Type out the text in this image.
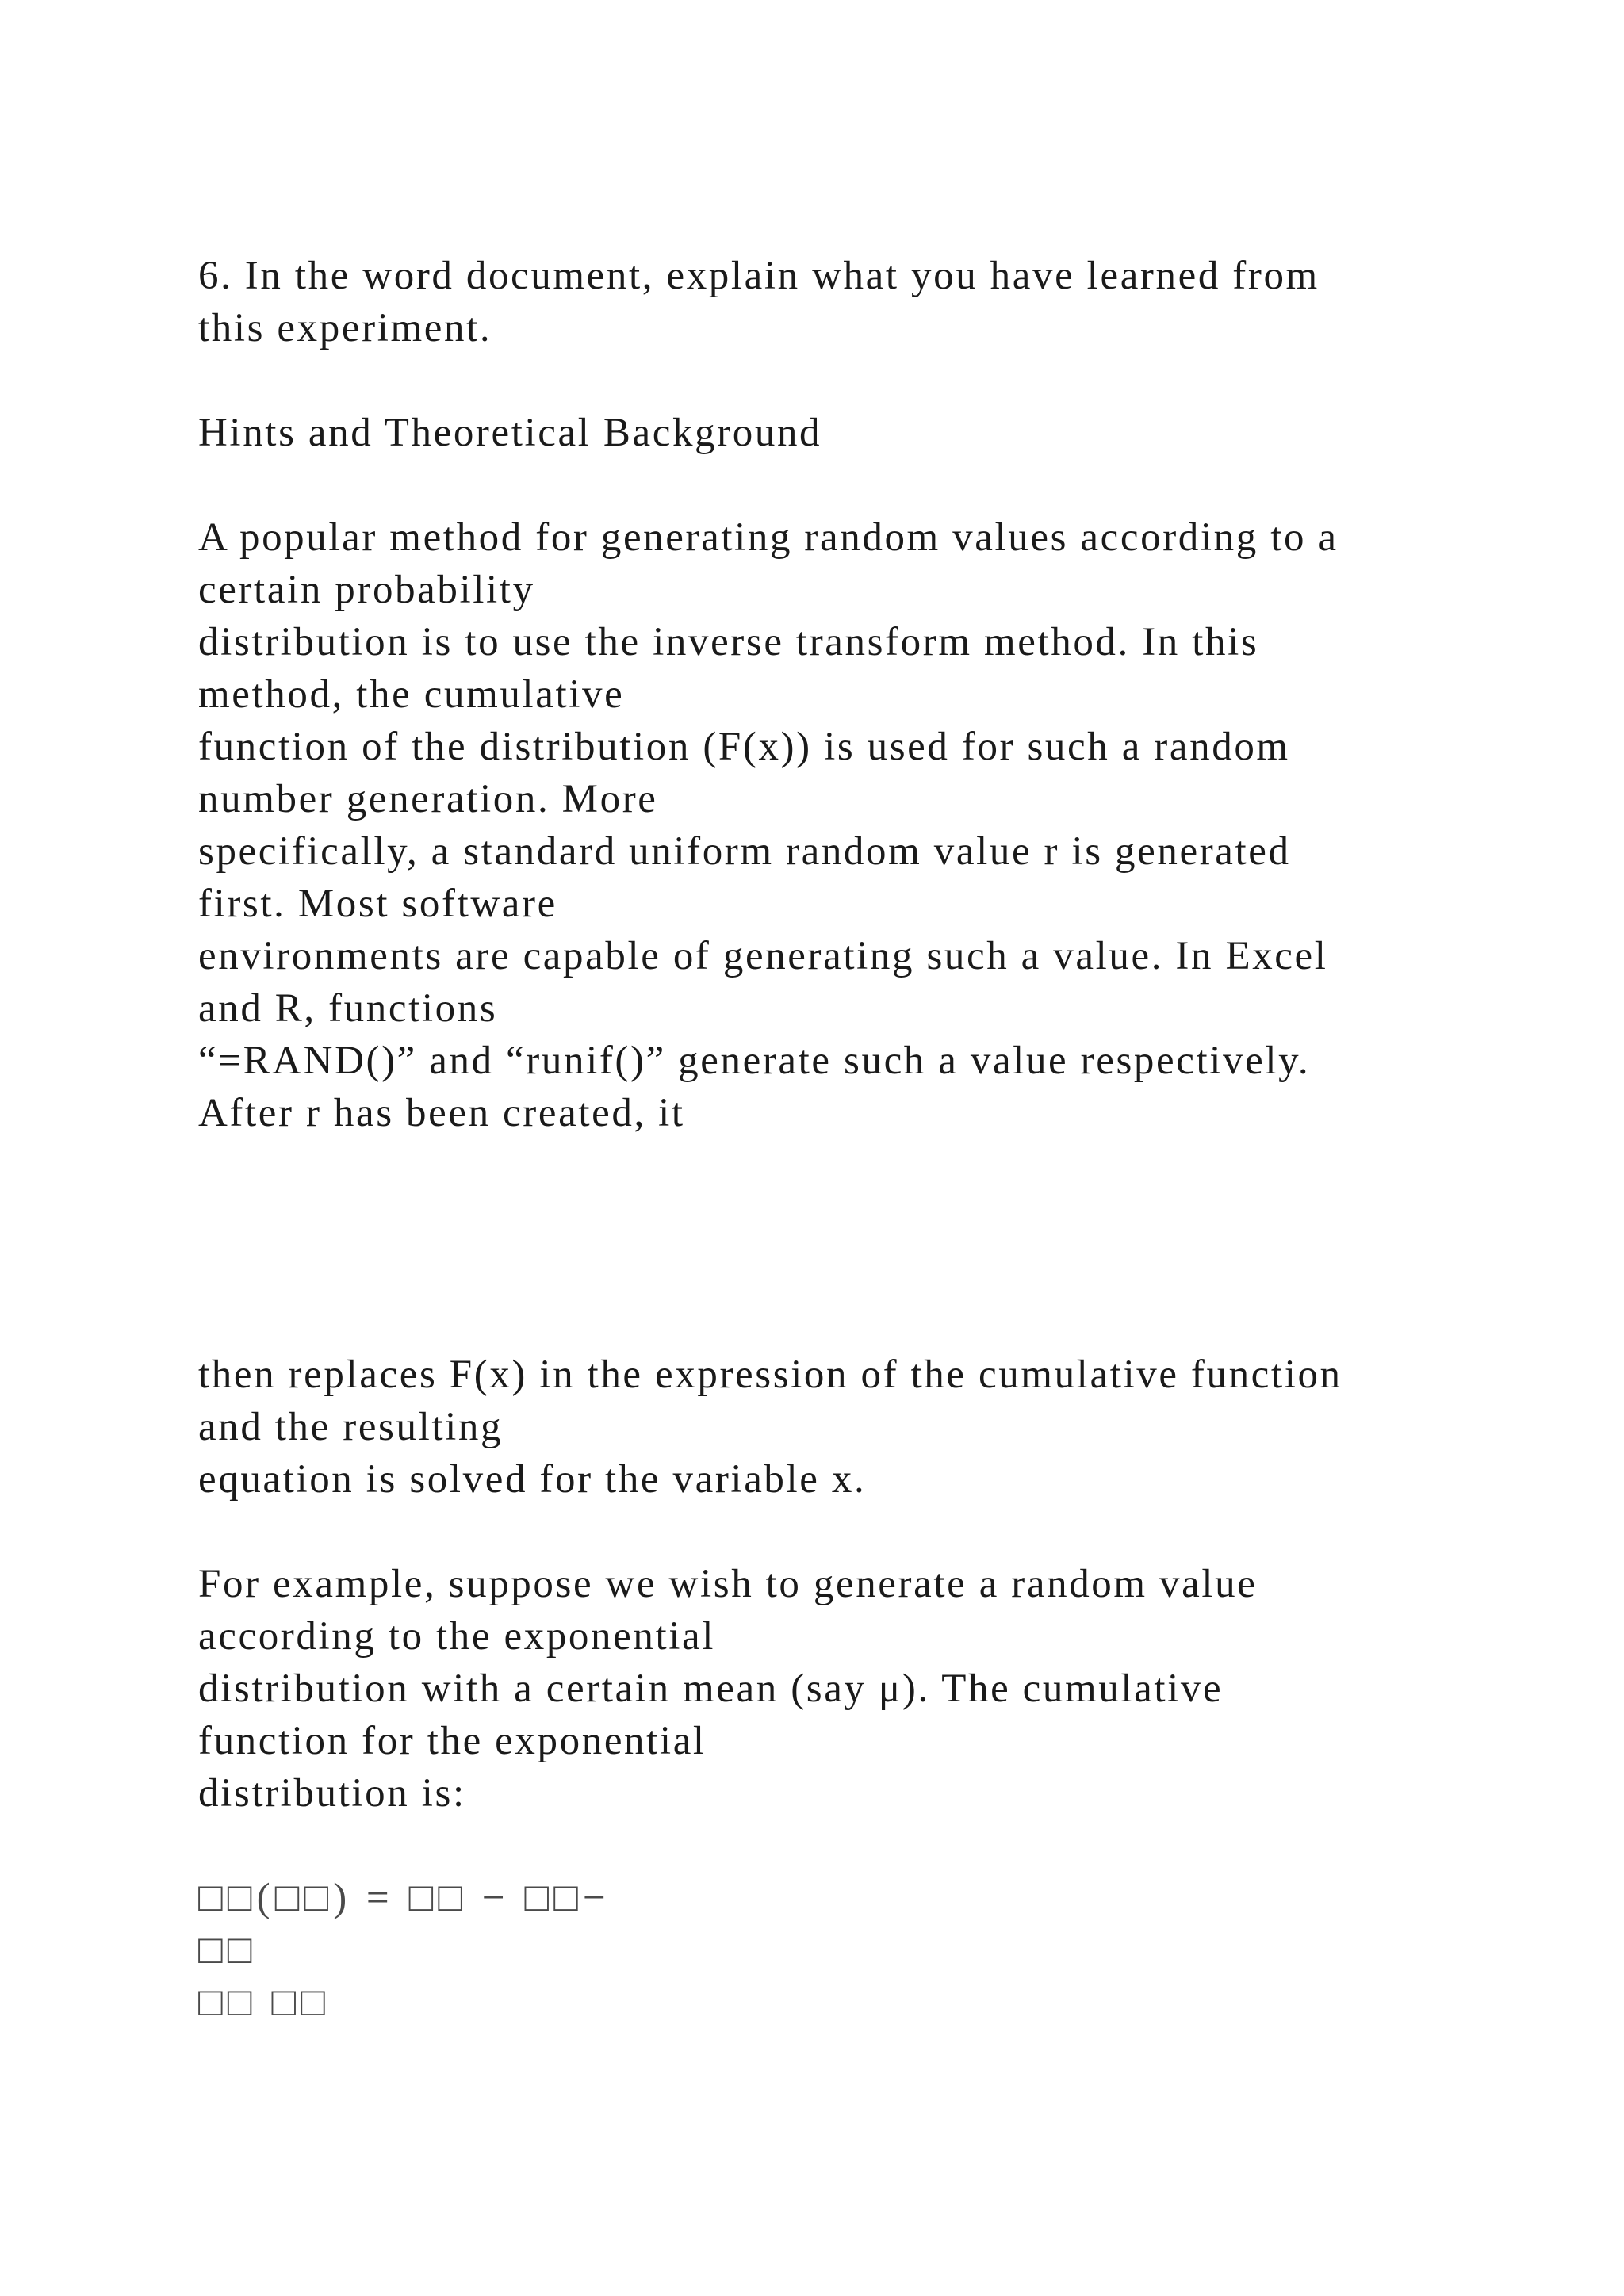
6. In the word document, explain what you have learned from

this experiment.

Hints and Theoretical Background

A popular method for generating random values according to a

certain probability

distribution is to use the inverse transform method. In this

method, the cumulative

function of the distribution (F(x)) is used for such a random

number generation. More

specifically, a standard uniform random value r is generated

first. Most software

environments are capable of generating such a value. In Excel

and R, functions

“=RAND()” and “runif()” generate such a value respectively.

After r has been created, it

then replaces F(x) in the expression of the cumulative function

and the resulting

equation is solved for the variable x.

For example, suppose we wish to generate a random value

according to the exponential

distribution with a certain mean (say μ). The cumulative

function for the exponential

distribution is:

□□(□□) = □□ − □□−

□□

□□ □□
